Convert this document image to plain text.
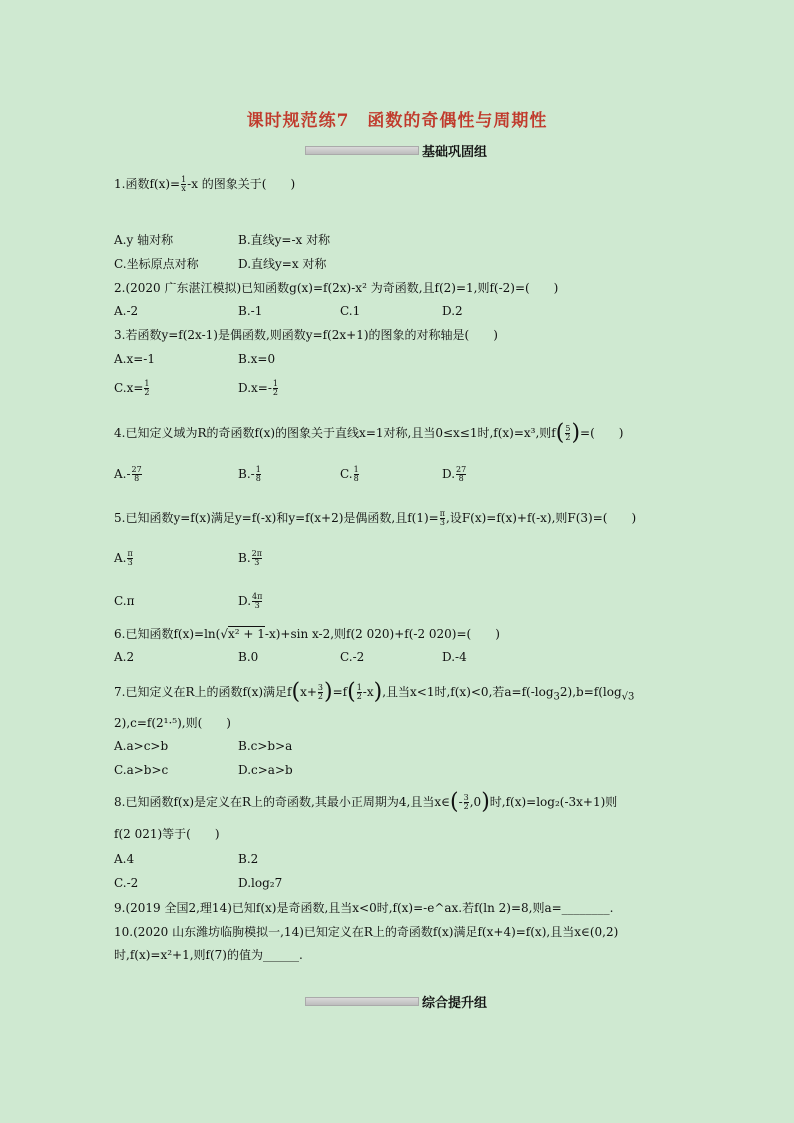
课时规范练7　函数的奇偶性与周期性
基础巩固组
1.函数$f(x)= \frac{1}{x} -x$ 的图象关于(　　)
A.y 轴对称	B.直线y=-x 对称
C.坐标原点对称	D.直线y=x 对称
2.(2020 广东湛江模拟)已知函数g(x)=f(2x)-x² 为奇函数,且f(2)=1,则f(-2)=(　　)
A.-2	B.-1	C.1	D.2
3.若函数y=f(2x-1)是偶函数,则函数y=f(2x+1)的图象的对称轴是(　　)
A.x=-1	B.x=0
$C.x= \frac{1}{2}$	$D.x=- \frac{1}{2}$
4.已知定义域为R的奇函数f(x)的图象关于直线x=1对称,且当0≤x≤1时,f(x)=x³,则$f( \frac{5}{2}$ )=(　　)
$A.- \frac{27}{8}$	$B.- \frac{1}{8}$	C. $\frac{1}{8}$	D. $\frac{27}{8}$
5.已知函数y=f(x)满足y=f(-x)和y=f(x+2)是偶函数,且$f(1)= \frac{\pi}{3}$ ,设F(x)=f(x)+f(-x),则F(3)=(　　)
A. $\frac{\pi}{3}$	B. $\frac{2\pi}{3}$
C.π	D. $\frac{4\pi}{3}$
6.已知函数f(x)=ln(√x² + 1-x)+sin x-2,则f(2 020)+f(-2 020)=(　　)
A.2	B.0	C.-2	D.-4
7.已知定义在R上的函数f(x)满足$f(x+ \frac{3}{2} )=f( \frac{1}{2} -x)$,且当x<1时,f(x)<0,若$a=f(-\log_32),b=f(\log_{√3}$
2),c=f(2¹·⁵),则(　　)
A.a>c>b	B.c>b>a
C.a>b>c	D.c>a>b
8.已知函数f(x)是定义在R上的奇函数,其最小正周期为4,且当x∈(- $\frac{3}{2} ,0$)时,f(x)=log₂(-3x+1)则
f(2 021)等于(　　)
A.4	B.2
C.-2	D.log₂7
9.(2019 全国2,理14)已知f(x)是奇函数,且当x<0时,f(x)=-e^ax.若f(ln 2)=8,则a=________.
10.(2020 山东潍坊临朐模拟一,14)已知定义在R上的奇函数f(x)满足f(x+4)=f(x),且当x∈(0,2)
时,f(x)=x²+1,则f(7)的值为______.
综合提升组
